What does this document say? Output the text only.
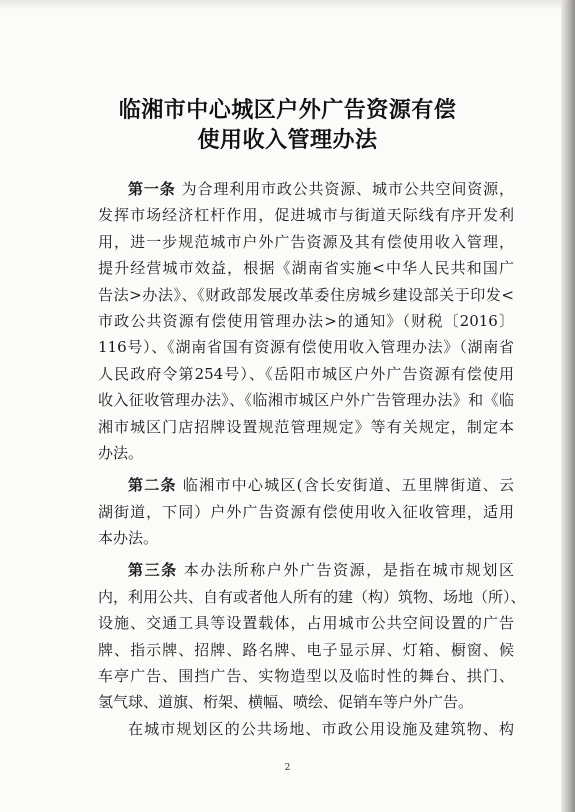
临湘市中心城区户外广告资源有偿
使用收入管理办法
第一条 为合理利用市政公共资源、城市公共空间资源，
发挥市场经济杠杆作用，促进城市与街道天际线有序开发利
用，进一步规范城市户外广告资源及其有偿使用收入管理，
提升经营城市效益，根据《湖南省实施<中华人民共和国广
告法>办法》、《财政部发展改革委住房城乡建设部关于印发<
市政公共资源有偿使用管理办法>的通知》（财税〔2016〕
116号）、《湖南省国有资源有偿使用收入管理办法》（湖南省
人民政府令第254号）、《岳阳市城区户外广告资源有偿使用
收入征收管理办法》、《临湘市城区户外广告管理办法》和《临
湘市城区门店招牌设置规范管理规定》等有关规定，制定本
办法。
第二条 临湘市中心城区(含长安街道、五里牌街道、云
湖街道，下同）户外广告资源有偿使用收入征收管理，适用
本办法。
第三条 本办法所称户外广告资源，是指在城市规划区
内，利用公共、自有或者他人所有的建（构）筑物、场地（所）、
设施、交通工具等设置载体，占用城市公共空间设置的广告
牌、指示牌、招牌、路名牌、电子显示屏、灯箱、橱窗、候
车亭广告、围挡广告、实物造型以及临时性的舞台、拱门、
氢气球、道旗、桁架、横幅、喷绘、促销车等户外广告。
在城市规划区的公共场地、市政公用设施及建筑物、构
2
